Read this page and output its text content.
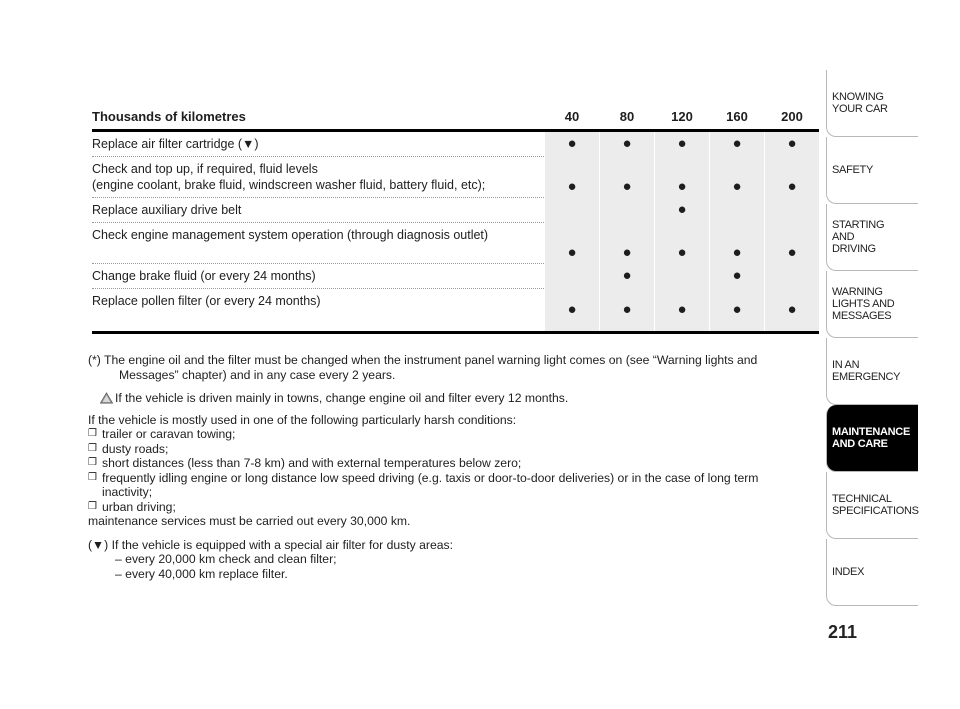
Thousands of kilometres		40		80		120		160		200
Replace air filter cartridge (▼)		●		●		●		●		●
Check and top up, if required, fluid levels
(engine coolant, brake fluid, windscreen washer fluid, battery fluid, etc);		●		●		●		●		●
Replace auxiliary drive belt						●				
Check engine management system operation (through diagnosis outlet)		●		●		●		●		●
Change brake fluid (or every 24 months)				●				●		
Replace pollen filter (or every 24 months)		●		●		●		●		●

(*) The engine oil and the filter must be changed when the instrument panel warning light comes on (see “Warning lights and Messages” chapter) and in any case every 2 years.

If the vehicle is driven mainly in towns, change engine oil and filter every 12 months.

If the vehicle is mostly used in one of the following particularly harsh conditions:

❒ trailer or caravan towing;
❒ dusty roads;
❒ short distances (less than 7-8 km) and with external temperatures below zero;
❒ frequently idling engine or long distance low speed driving (e.g. taxis or door-to-door deliveries) or in the case of long term inactivity;
❒ urban driving;

maintenance services must be carried out every 30,000 km.

(▼) If the vehicle is equipped with a special air filter for dusty areas:

– every 20,000 km check and clean filter;
– every 40,000 km replace filter.
KNOWING
YOUR CAR
SAFETY
STARTING
AND
DRIVING
WARNING
LIGHTS AND
MESSAGES
IN AN
EMERGENCY
MAINTENANCE
AND CARE
TECHNICAL
SPECIFICATIONS
INDEX
211
